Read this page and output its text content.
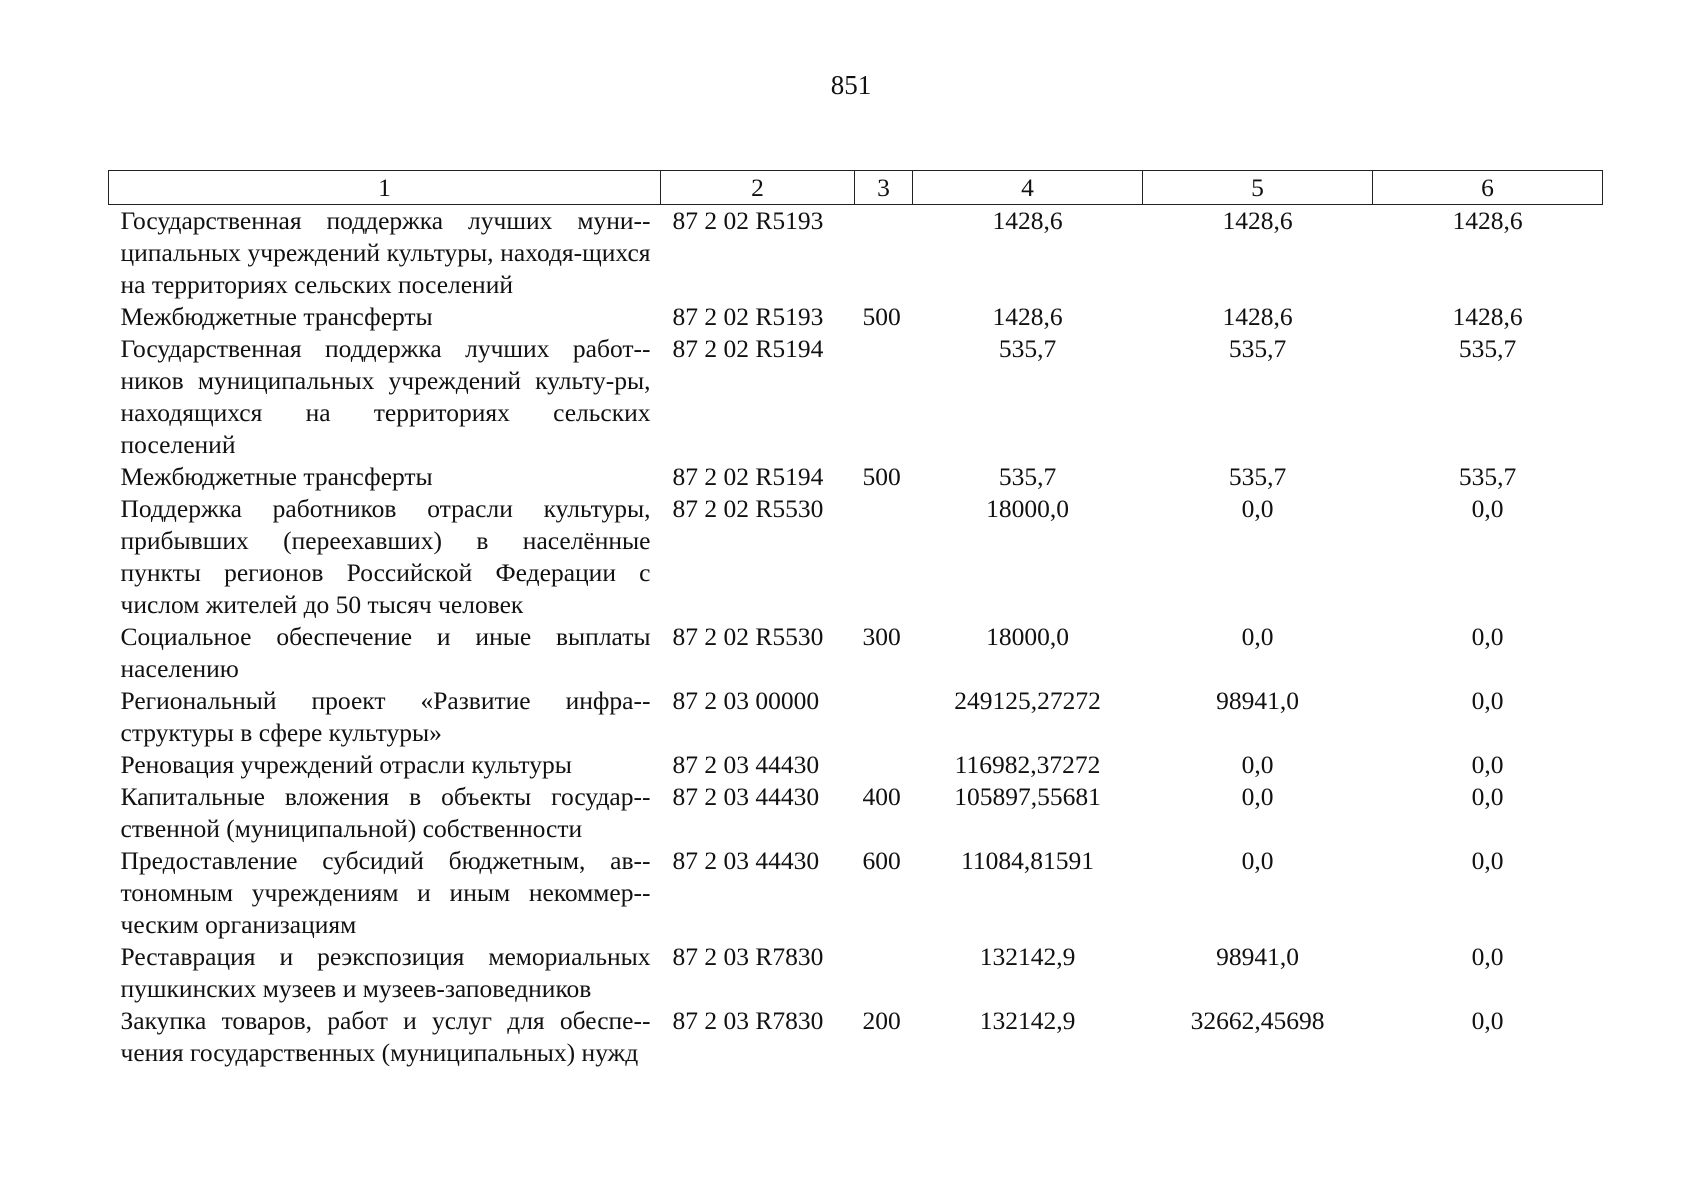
851
1	2	3	4	5	6
Государственная поддержка лучших муни-ципальных учреждений культуры, находя-щихся на территориях сельских поселений	87 2 02 R5193		1428,6	1428,6	1428,6
Межбюджетные трансферты	87 2 02 R5193	500	1428,6	1428,6	1428,6
Государственная поддержка лучших работ-ников муниципальных учреждений культу-ры, находящихся на территориях сельских поселений	87 2 02 R5194		535,7	535,7	535,7
Межбюджетные трансферты	87 2 02 R5194	500	535,7	535,7	535,7
Поддержка работников отрасли культуры, прибывших (переехавших) в населённые пункты регионов Российской Федерации с числом жителей до 50 тысяч человек	87 2 02 R5530		18000,0	0,0	0,0
Социальное обеспечение и иные выплаты населению	87 2 02 R5530	300	18000,0	0,0	0,0
Региональный проект «Развитие инфра-структуры в сфере культуры»	87 2 03 00000		249125,27272	98941,0	0,0
Реновация учреждений отрасли культуры	87 2 03 44430		116982,37272	0,0	0,0
Капитальные вложения в объекты государ-ственной (муниципальной) собственности	87 2 03 44430	400	105897,55681	0,0	0,0
Предоставление субсидий бюджетным, ав-тономным учреждениям и иным некоммер-ческим организациям	87 2 03 44430	600	11084,81591	0,0	0,0
Реставрация и реэкспозиция мемориальных пушкинских музеев и музеев-заповедников	87 2 03 R7830		132142,9	98941,0	0,0
Закупка товаров, работ и услуг для обеспе-чения государственных (муниципальных) нужд	87 2 03 R7830	200	132142,9	32662,45698	0,0
